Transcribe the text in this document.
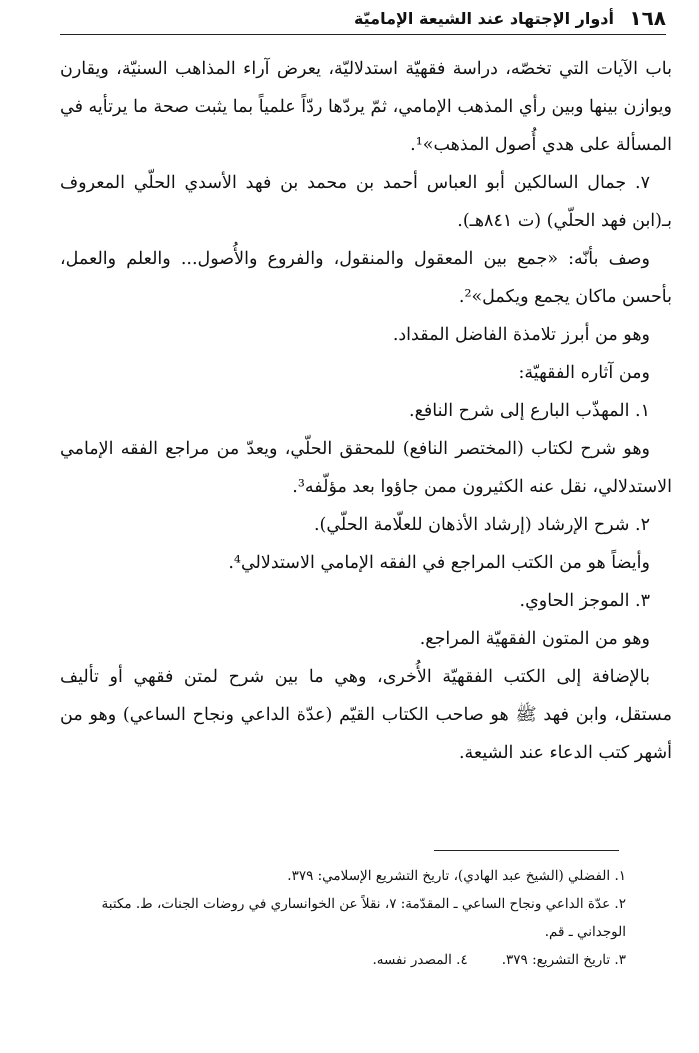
١٦٨
أدوار الإجتهاد عند الشيعة الإماميّة

باب الآيات التي تخصّه، دراسة فقهيّة استدلاليّة، يعرض آراء المذاهب السنيّة، ويقارن ويوازن بينها وبين رأي المذهب الإمامي، ثمّ يردّها ردّاً علمياً بما يثبت صحة ما يرتأيه في المسألة على هدي أُصول المذهب»¹.

٧. جمال السالكين أبو العباس أحمد بن محمد بن فهد الأسدي الحلّي المعروف بـ(ابن فهد الحلّي) (ت ٨٤١هـ).

وصف بأنّه: «جمع بين المعقول والمنقول، والفروع والأُصول... والعلم والعمل، بأحسن ماكان يجمع ويكمل»².

وهو من أبرز تلامذة الفاضل المقداد.

ومن آثاره الفقهيّة:

١. المهذّب البارع إلى شرح النافع.

وهو شرح لكتاب (المختصر النافع) للمحقق الحلّي، ويعدّ من مراجع الفقه الإمامي الاستدلالي، نقل عنه الكثيرون ممن جاؤوا بعد مؤلّفه³.

٢. شرح الإرشاد (إرشاد الأذهان للعلّامة الحلّي).

وأيضاً هو من الكتب المراجع في الفقه الإمامي الاستدلالي⁴.

٣. الموجز الحاوي.

وهو من المتون الفقهيّة المراجع.

بالإضافة إلى الكتب الفقهيّة الأُخرى، وهي ما بين شرح لمتن فقهي أو تأليف مستقل، وابن فهد ﷺ هو صاحب الكتاب القيّم (عدّة الداعي ونجاح الساعي) وهو من أشهر كتب الدعاء عند الشيعة.

١. الفضلي (الشيخ عبد الهادي)، تاريخ التشريع الإسلامي: ٣٧٩.

٢. عدّة الداعي ونجاح الساعي ـ المقدّمة: ٧، نقلاً عن الخوانساري في روضات الجنات، ط. مكتبة الوجداني ـ قم.

٣. تاريخ التشريع: ٣٧٩.
٤. المصدر نفسه.
